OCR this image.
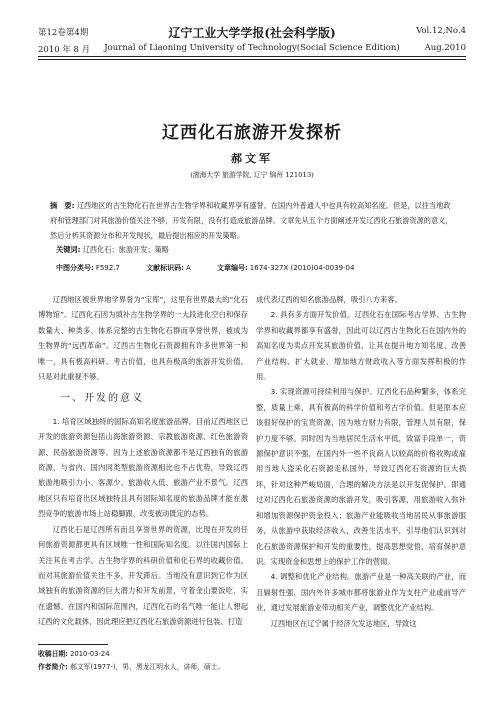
第12卷第4期	辽宁工业大学学报(社会科学版)	Vol.12,No.4
2010 年 8 月	Journal of Liaoning University of Technology(Social Science Edition)	Aug.2010
辽西化石旅游开发探析
郝文军
(渤海大学 旅游学院, 辽宁 锦州 121013)
摘　要: 辽西地区的古生物化石在世界古生物学界和收藏界享有盛誉。在国内外普通人中也具有较高知名度。但是，以往当地政府和管理部门对其旅游价值关注不够，开发有限，没有打造成旅游品牌。文章先从五个方面阐述开发辽西化石旅游资源的意义，然后分析其资源分布和开发现状，最后提出相应的开发策略。
关键词: 辽西化石；旅游开发；策略
中图分类号: F592.7	文献标识码: A	文章编号: 1674-327X (2010)04-0039-04

辽西地区被世界地学界誉为“宝库”，这里有世界最大的“化石博物馆”。辽西化石因为填补古生物学界的一大段进化空白和保存数量大、种类多、体系完整的古生物化石群而享誉世界，被成为生物界的“远西革命”。辽西古生物化石资源拥有许多世界第一和唯一，具有极高科研、考古价值，也具有极高的旅游开发价值，只是对此重视不够。

一、开发的意义

1. 培育区域独特的国际高知名度旅游品牌。目前辽西地区已开发的旅游资源包括山海旅游资源、宗教旅游资源、红色旅游资源、民俗旅游资源等。因为上述旅游资源都不是辽西独有的旅游资源，与省内、国内同类型旅游资源相比也不占优势，导致辽西旅游地吸引力小、客源少、旅游收入低、旅游产业不景气。辽西地区只有培育出区域独特且具有国际知名度的旅游品牌才能在激烈竞争的旅游市场上站稳脚跟，改变被动既定的态势。

辽西化石是辽西所有而且享誉世界的资源，比现在开发的任何旅游资源都更具有区域唯一性和国际知名度。以往国内国际上关注其在考古学、古生物学界的科研价值和化石界的收藏价值，而对其旅游价值关注不多，开发滞后。当地没有意识到它作为区域独有的旅游资源的巨大潜力和开发前景，守着金山要饭吃，实在遗憾。在国内和国际范围内，辽西化石的名气唯一能让人想起辽西的文化载体，因此理应把辽西化石旅游资源进行包装、打造

成代表辽西的知名旅游品牌，吸引八方来客。

2. 具有多方面开发价值。辽西化石在国际考古学界、古生物学界和收藏界都享有盛誉，因此可以辽西古生物化石在国内外的高知名度为卖点开发其旅游价值，让其在提升地方知名度、改善产业结构、扩大就业、增加地方财政收入等方面发挥积极的作用。

3. 实现资源可持续利用与保护。辽西化石品种繁多，体系完整，质量上乘，具有极高的科学价值和考古学价值。但是原本应该很好保护的宝贵资源，因为地方财力有限，管理人员有限，保护力度不够。同时因为当地居民生活水平低，致富手段单一，资源保护意识不强，在国内外一些不良商人以较高的价格收购或雇用当地人盗采化石资源走私国外，导致辽西化石资源的巨大损坏，针对这种严峻局面，合理的解决方法是以开发促保护。即通过对辽西化石旅游资源的旅游开发，吸引客源，用旅游收入弥补和增加资源保护资金投入；旅游产业能吸收当地居民从事旅游服务，从旅游中获取经济收入，改善生活水平，引导他们认识到对化石旅游资源保护和开发的重要性，提高思想觉悟，培育保护意识。实现资金和思想上的保护工作的营彻。

4. 调整和优化产业结构。旅游产业是一种高关联的产业，而且辐射性强，国内外许多城市都将旅游业作为支柱产业或前导产业，通过发展旅游业带动相关产业，调整优化产业结构。

辽西地区在辽宁属于经济欠发达地区，导致这

收稿日期: 2010-03-24
作者简介: 郝文军(1977-)，男，黑龙江明水人，讲师，硕士。
